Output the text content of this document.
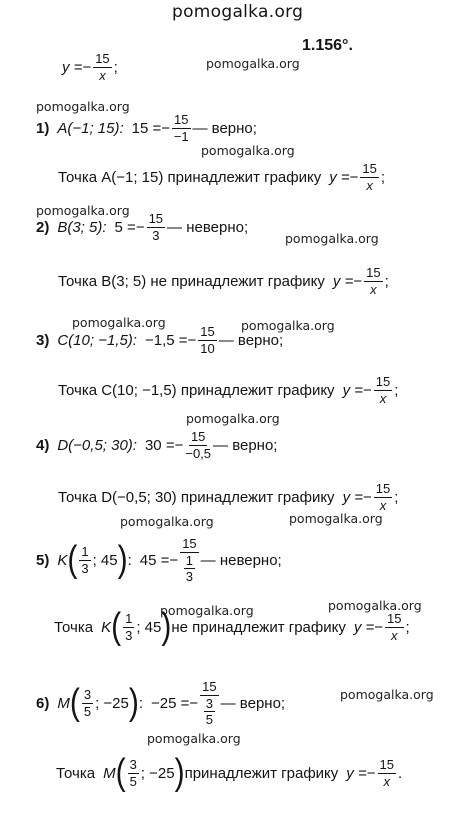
pomogalka.org
1.156°.
y = − $\frac{15}{x}$ ;	pomogalka.org
pomogalka.org
pomogalka.org
pomogalka.org
pomogalka.org
pomogalka.org	pomogalka.org
pomogalka.org
pomogalka.org	pomogalka.org
pomogalka.org	pomogalka.org
pomogalka.org
pomogalka.org
1) A(−1; 15): 15 = − $\frac{15}{-1}$ — верно;
Точка A(−1; 15) принадлежит графику y = − $\frac{15}{x}$ ;
2) B(3; 5): 5 = − $\frac{15}{3}$ — неверно;
Точка B(3; 5) не принадлежит графику y = − $\frac{15}{x}$ ;
3) C(10; −1,5): −1,5 = − $\frac{15}{10}$ — верно;
Точка C(10; −1,5) принадлежит графику y = − $\frac{15}{x}$ ;
4) D(−0,5; 30): 30 = − $\frac{15}{-0,5}$ — верно;
Точка D(−0,5; 30) принадлежит графику y = − $\frac{15}{x}$ ;
5) K ( $\frac{1}{3}$ ; 45 ) : 45 = − $\frac{15}{\frac{1}{3}}$ — неверно;
Точка K ( $\frac{1}{3}$ ; 45 ) не принадлежит графику y = − $\frac{15}{x}$ ;
6) M ( $\frac{3}{5}$ ; −25 ) : −25 = − $\frac{15}{\frac{3}{5}}$ — верно;
Точка M ( $\frac{3}{5}$ ; −25 ) принадлежит графику y = − $\frac{15}{x}$ .
